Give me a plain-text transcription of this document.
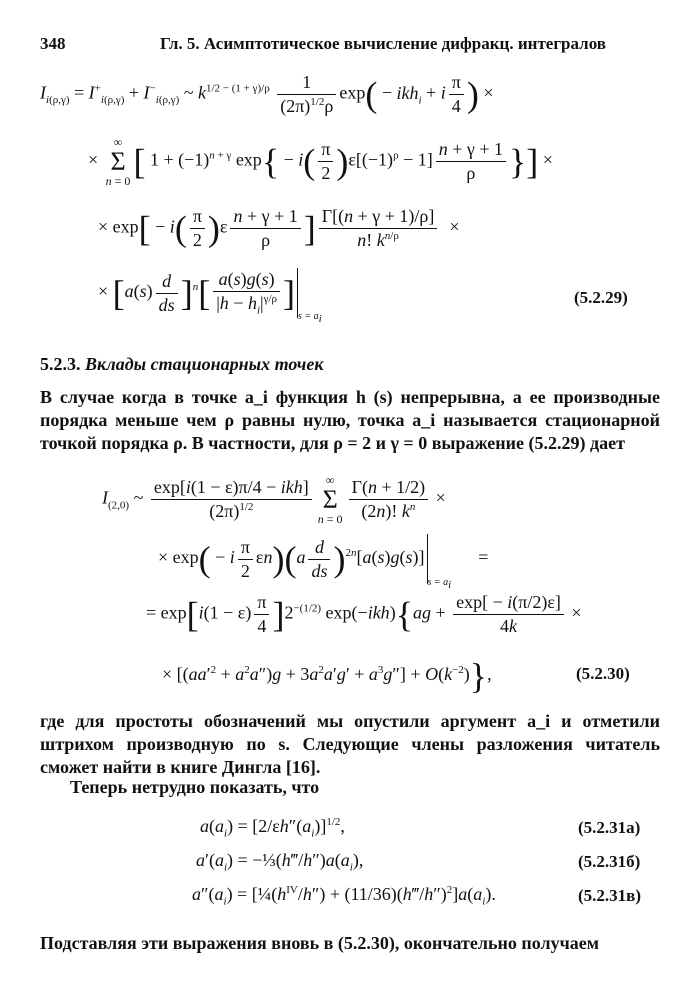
348	Гл. 5. Асимптотическое вычисление дифракц. интегралов
$I_{i(\rho,\gamma)} = I^+_{i(\rho,\gamma)} + I^-_{i(\rho,\gamma)}$ ~ $k^{1/2 - (1 + \gamma)/\rho} \frac{1}{(2\pi)^{1/2}\rho} \exp( - ikh_i + i \frac{\pi}{4}$ ) ×
× ∞
Σ
n = 0[ $1 + (-1)^{n + \gamma}$ $\exp\{ - i( \frac{\pi}{2} )\varepsilon[(-1)^\rho - 1] \frac{n + \gamma + 1}{\rho}$ }] ×
× $\exp[ - i( \frac{\pi}{2} )\varepsilon \frac{n + \gamma + 1}{\rho}$ ] $\frac{\Gamma[(n + \gamma + 1)/\rho]}{n! k^{n/\rho}}$ ×
× $[a(s) \frac{d}{ds} ]^n[ \frac{a(s)g(s)}{|h - h_i|^{\gamma/\rho}} ]_{s = a_i}$
(5.2.29)
5.2.3. Вклады стационарных точек
В случае когда в точке a_i функция h (s) непрерывна, а ее производные порядка меньше чем ρ равны нулю, точка a_i называется стационарной точкой порядка ρ. В частности, для ρ = 2 и γ = 0 выражение (5.2.29) дает
$I_{(2,0)}$ ~ $\frac{\text{exp[i(1 − ε)π/4 − ikh]}}{(2\pi)^{1/2}}$ ∞
Σ
$n = 0 \frac{\Gamma(n + 1/2)}{(2n)! k^n}$ ×
× exp( − i $\frac{\pi}{2} \varepsilon n)(a \frac{d}{ds} )^{2n}[a(s)g(s)]_{s = a_i}$      =
= $\exp[i(1 - \varepsilon) \frac{\pi}{4} ]2^{-(1/2)}$ $\exp(-ikh)\{ag + \frac{\exp[ - i(\pi/2)\varepsilon]}{4k}$ ×
× $[(aa'^2 + a^2a'')g + 3a^2a'g' + a^3g''] + O(k^{-2})$},	(5.2.30)
где для простоты обозначений мы опустили аргумент a_i и отметили штрихом производную по s. Следующие члены разложения читатель сможет найти в книге Дингла [16].
Теперь нетрудно показать, что
$a(a_i) = [2/\varepsilon h''(a_i)]^{1/2}$,	(5.2.31а)
$a'(a_i)$ = $-\frac{1}{3}(h‴/h'')a(a_i)$,	(5.2.31б)
$a''(a_i)$ = [$\frac{1}{4}(h^{IV}/h'')$ + $(11/36)(h‴/h'')^2]a(a_i)$.	(5.2.31в)
Подставляя эти выражения вновь в (5.2.30), окончательно получаем
